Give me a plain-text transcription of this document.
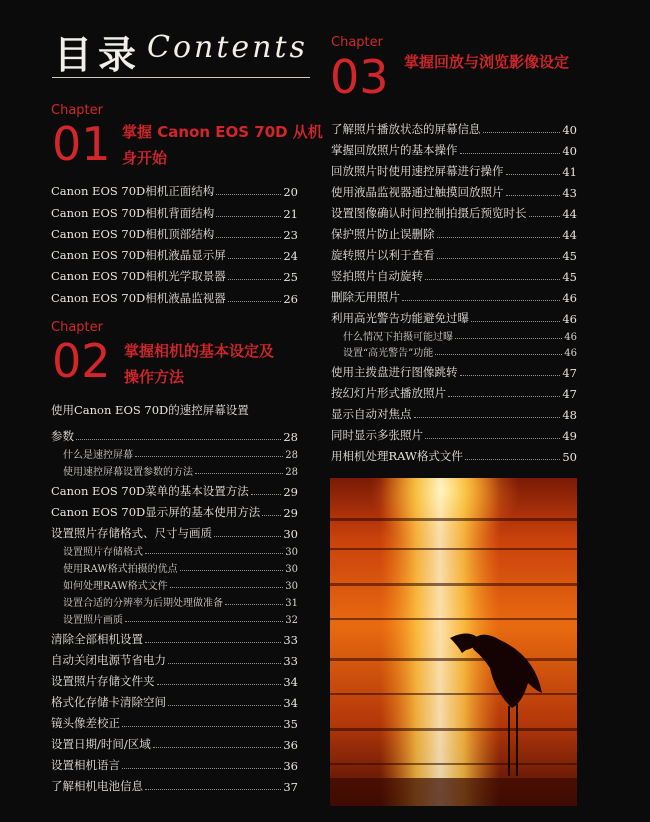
目录 Contents
Chapter
01 掌握 Canon EOS 70D 从机
身开始
Canon EOS 70D相机正面结构	20
Canon EOS 70D相机背面结构	21
Canon EOS 70D相机顶部结构	23
Canon EOS 70D相机液晶显示屏	24
Canon EOS 70D相机光学取景器	25
Canon EOS 70D相机液晶监视器	26
Chapter
02 掌握相机的基本设定及
操作方法
使用Canon EOS 70D的速控屏幕设置
参数	28
什么是速控屏幕	28
使用速控屏幕设置参数的方法	28
Canon EOS 70D菜单的基本设置方法	29
Canon EOS 70D显示屏的基本使用方法 29
设置照片存储格式、尺寸与画质	30
设置照片存储格式	30
使用RAW格式拍摄的优点	30
如何处理RAW格式文件	30
设置合适的分辨率为后期处理做准备	31
设置照片画质	32
清除全部相机设置	33
自动关闭电源节省电力	33
设置照片存储文件夹	34
格式化存储卡清除空间	34
镜头像差校正	35
设置日期/时间/区域	36
设置相机语言	36
了解相机电池信息	37
Chapter
03 掌握回放与浏览影像设定
了解照片播放状态的屏幕信息	40
掌握回放照片的基本操作	40
回放照片时使用速控屏幕进行操作	41
使用液晶监视器通过触摸回放照片	43
设置图像确认时间控制拍摄后预览时长	44
保护照片防止误删除	44
旋转照片以利于查看	45
竖拍照片自动旋转	45
删除无用照片	46
利用高光警告功能避免过曝	46
什么情况下拍摄可能过曝	46
设置“高光警告”功能	46
使用主拨盘进行图像跳转	47
按幻灯片形式播放照片	47
显示自动对焦点	48
同时显示多张照片	49
用相机处理RAW格式文件	50
